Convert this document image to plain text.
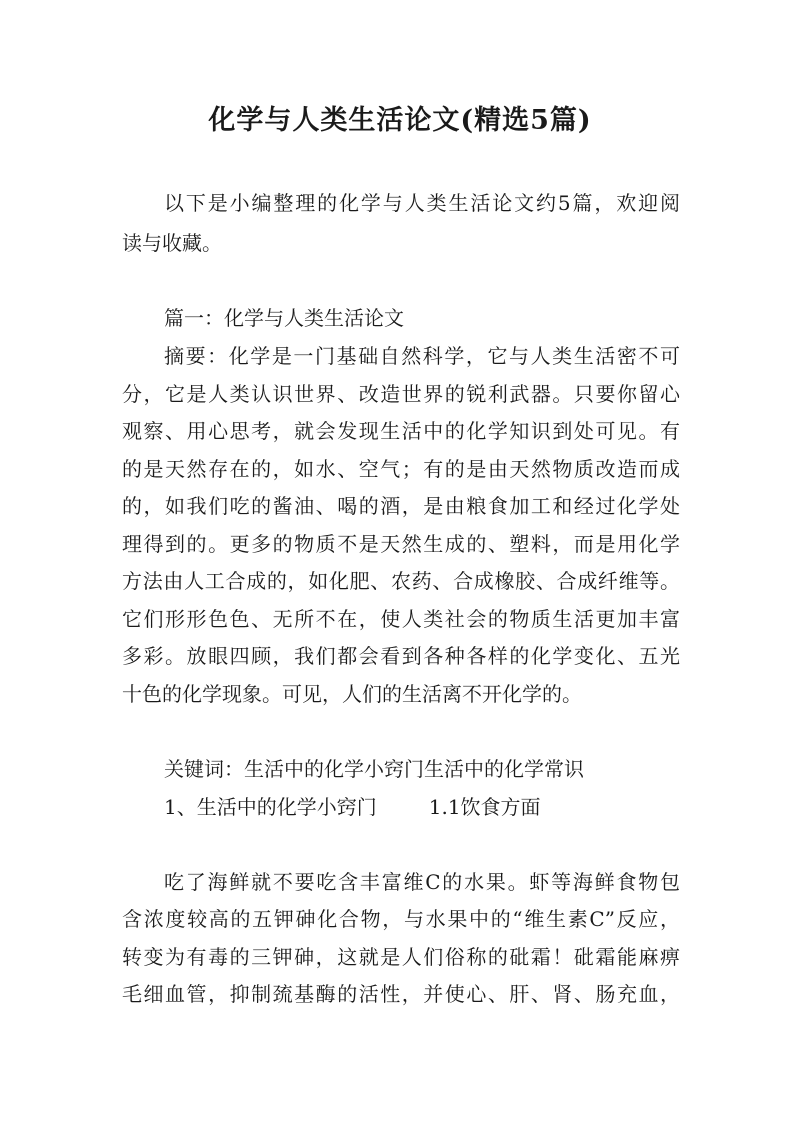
化学与人类生活论文(精选5篇)
以下是小编整理的化学与人类生活论文约5篇，欢迎阅
读与收藏。
篇一：化学与人类生活论文
摘要：化学是一门基础自然科学，它与人类生活密不可
分，它是人类认识世界、改造世界的锐利武器。只要你留心
观察、用心思考，就会发现生活中的化学知识到处可见。有
的是天然存在的，如水、空气；有的是由天然物质改造而成
的，如我们吃的酱油、喝的酒，是由粮食加工和经过化学处
理得到的。更多的物质不是天然生成的、塑料，而是用化学
方法由人工合成的，如化肥、农药、合成橡胶、合成纤维等。
它们形形色色、无所不在，使人类社会的物质生活更加丰富
多彩。放眼四顾，我们都会看到各种各样的化学变化、五光
十色的化学现象。可见，人们的生活离不开化学的。
关键词：生活中的化学小窍门生活中的化学常识
1、生活中的化学小窍门	1.1饮食方面
吃了海鲜就不要吃含丰富维C的水果。虾等海鲜食物包
含浓度较高的五钾砷化合物，与水果中的“维生素C”反应，
转变为有毒的三钾砷，这就是人们俗称的砒霜！砒霜能麻痹
毛细血管，抑制巯基酶的活性，并使心、肝、肾、肠充血，
